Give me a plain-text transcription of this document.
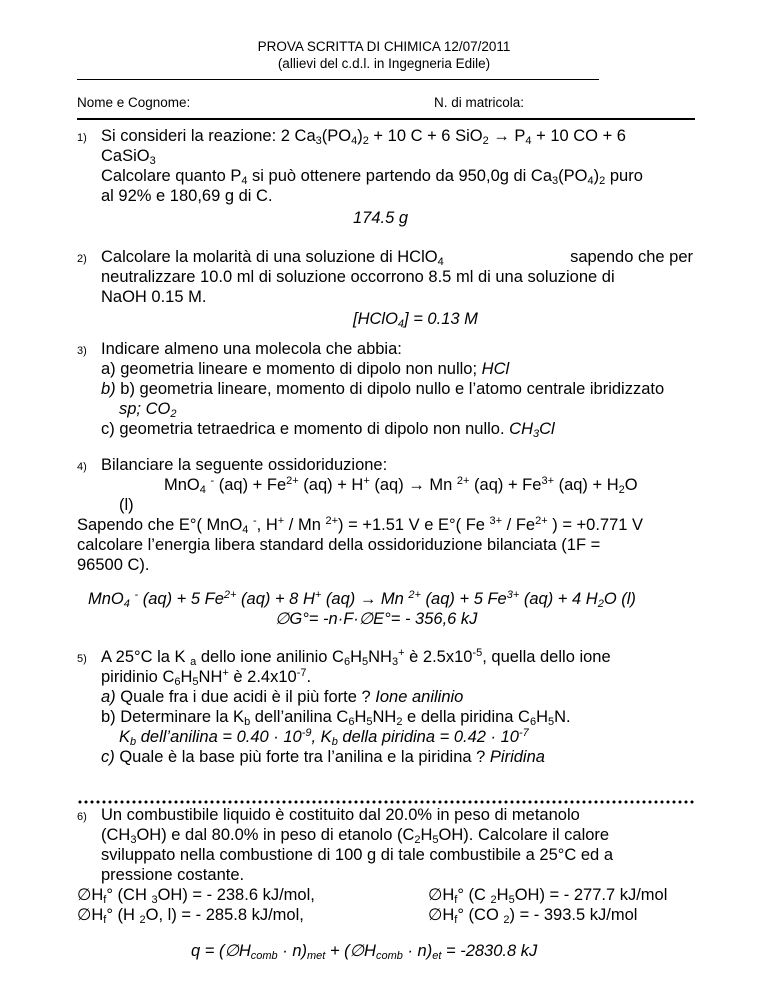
PROVA SCRITTA DI CHIMICA 12/07/2011
(allievi del c.d.l. in Ingegneria Edile)
Nome e Cognome:	N. di matricola:
1) Si consideri la reazione: 2 $Ca_3(PO_4)_2 + 10$ C + 6 $SiO_2 \to P_4 + 10$ CO + 6
CaSiO$_3$
Calcolare quanto $P_4$ si può ottenere partendo da 950,0g di $Ca_3(PO_4)_2$ puro
al 92% e 180,69 g di C.
174.5 g
2) Calcolare la molarità di una soluzione di HClO$_4$	sapendo che per
neutralizzare 10.0 ml di soluzione occorrono 8.5 ml di una soluzione di
NaOH 0.15 M.
[HClO$_4$] = 0.13 M
3) Indicare almeno una molecola che abbia:
a) geometria lineare e momento di dipolo non nullo; HCl
b) b) geometria lineare, momento di dipolo nullo e l’atomo centrale ibridizzato
sp; $CO_2$
c) geometria tetraedrica e momento di dipolo non nullo. $CH_3Cl$
4) Bilanciare la seguente ossidoriduzione:
MnO$_4$ - $(aq) + Fe^{2+}$ (aq) + H+ (aq) → Mn $^{2+}$ $(aq) + Fe^{3+}$ $(aq) + H_2O$
(l)
Sapendo che E°( MnO$_4$ -, H+ / Mn $^{2+}$) = +1.51 V e E°( Fe $^{3+} / Fe^{2+}$ ) = +0.771 V
calcolare l’energia libera standard della ossidoriduzione bilanciata (1F =
96500 C).
MnO$_4$ - (aq) + 5 $Fe^{2+}$ (aq) + 8 H+ (aq) → Mn $^{2+}$ (aq) + 5 $Fe^{3+}$ (aq) + 4 $H_2O$ (l)
∅G°= -n·F·∅E°= - 356,6 kJ
5) A 25°C la K $_a$ dello ione anilinio $C_6H_5NH_3^+$ è $2.5x10^{-5}$, quella dello ione
piridinio $C_6H_5NH^+$ è $2.4x10^{-7}$.
a) Quale fra i due acidi è il più forte ? Ione anilinio
b) Determinare la $K_b$ dell’anilina $C_6H_5NH_2$ e della piridina $C_6H_5N$.
$K_b$ dell’anilina = $0.40 \cdot 10^{-9}$, $K_b$ della piridina = $0.42 \cdot 10^{-7}$
c) Quale è la base più forte tra l’anilina e la piridina ? Piridina
6) Un combustibile liquido è costituito dal 20.0% in peso di metanolo
$(CH_3OH)$ e dal 80.0% in peso di etanolo $(C_2H_5OH)$. Calcolare il calore
sviluppato nella combustione di 100 g di tale combustibile a 25°C ed a
pressione costante.
$\emptyset H_f^\circ$ (CH $_3$OH) = - 238.6 kJ/mol,	$\emptyset H_f^\circ$ (C $_2H_5OH$) = - 277.7 kJ/mol
$\emptyset H_f^\circ$ (H $_2$O, l) = - 285.8 kJ/mol,	$\emptyset H_f^\circ$ (CO $_2$) = - 393.5 kJ/mol
$q = (\emptyset H_{comb} \cdot n)_{met}$ + $(\emptyset H_{comb} \cdot n)_{et} = -2830.8$ kJ
